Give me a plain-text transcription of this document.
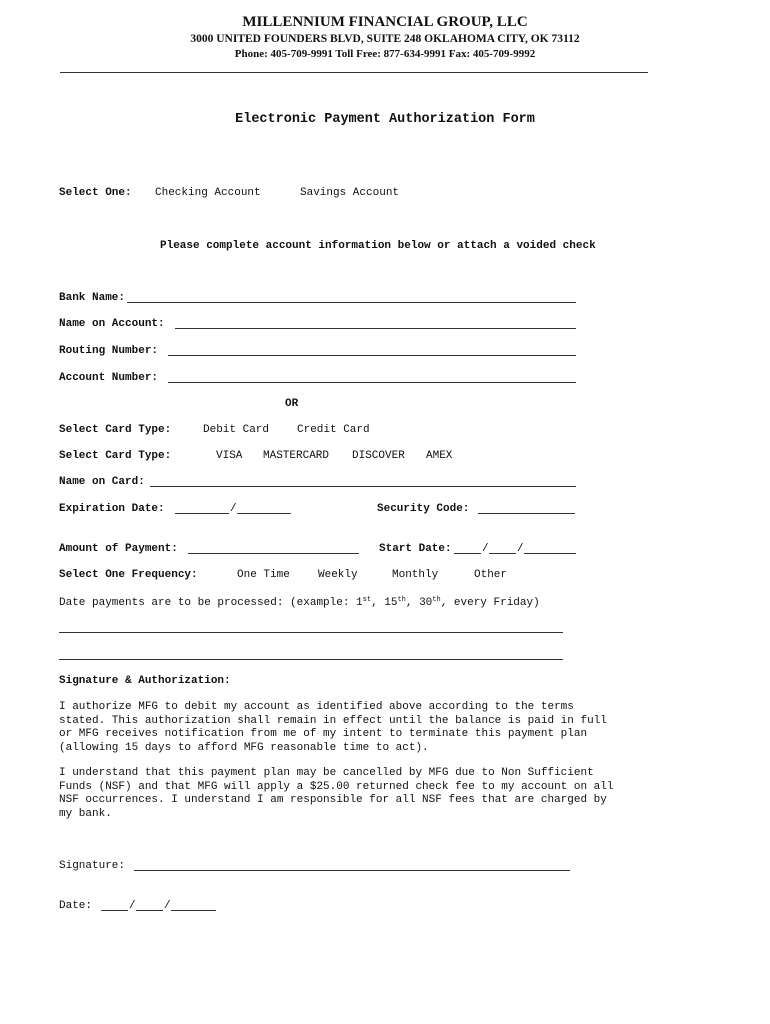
MILLENNIUM FINANCIAL GROUP, LLC
3000 UNITED FOUNDERS BLVD, SUITE 248 OKLAHOMA CITY, OK 73112
Phone: 405-709-9991 Toll Free: 877-634-9991 Fax: 405-709-9992
Electronic Payment Authorization Form
Select One: Checking Account	Savings Account
Please complete account information below or attach a voided check
Bank Name:
Name on Account:
Routing Number:
Account Number:
OR
Select Card Type:	Debit Card	Credit Card
Select Card Type:	VISA MASTERCARD DISCOVER AMEX
Name on Card:
Expiration Date:	/	Security Code:
Amount of Payment:	Start Date:	/	/
Select One Frequency:	One Time	Weekly	Monthly	Other
Date payments are to be processed: (example: 1st, 15th, 30th, every Friday)
Signature & Authorization:
I authorize MFG to debit my account as identified above according to the terms stated. This authorization shall remain in effect until the balance is paid in full or MFG receives notification from me of my intent to terminate this payment plan (allowing 15 days to afford MFG reasonable time to act).
I understand that this payment plan may be cancelled by MFG due to Non Sufficient Funds (NSF) and that MFG will apply a $25.00 returned check fee to my account on all NSF occurrences. I understand I am responsible for all NSF fees that are charged by my bank.
Signature:
Date:	/	/
